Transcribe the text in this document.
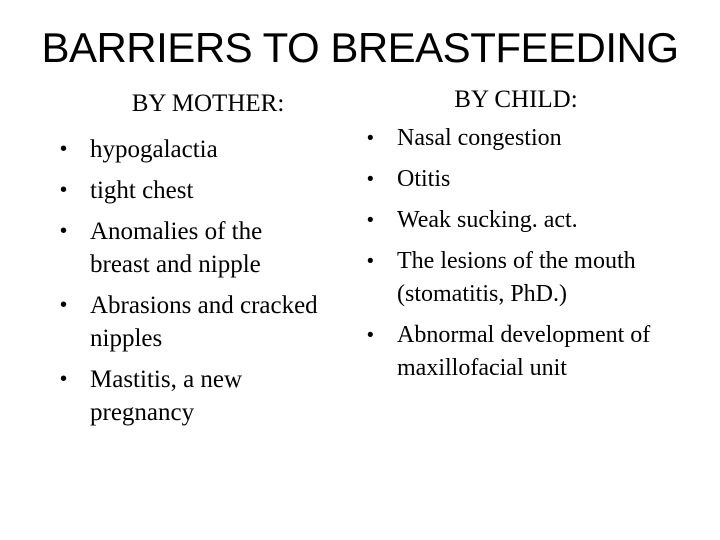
BARRIERS TO BREASTFEEDING

BY MOTHER:

• hypogalactia
• tight chest
• Anomalies of the breast and nipple
• Abrasions and cracked nipples
• Mastitis, a new pregnancy

BY CHILD:

• Nasal congestion
• Otitis
• Weak sucking. act.
• The lesions of the mouth (stomatitis, PhD.)
• Abnormal development of maxillofacial unit
